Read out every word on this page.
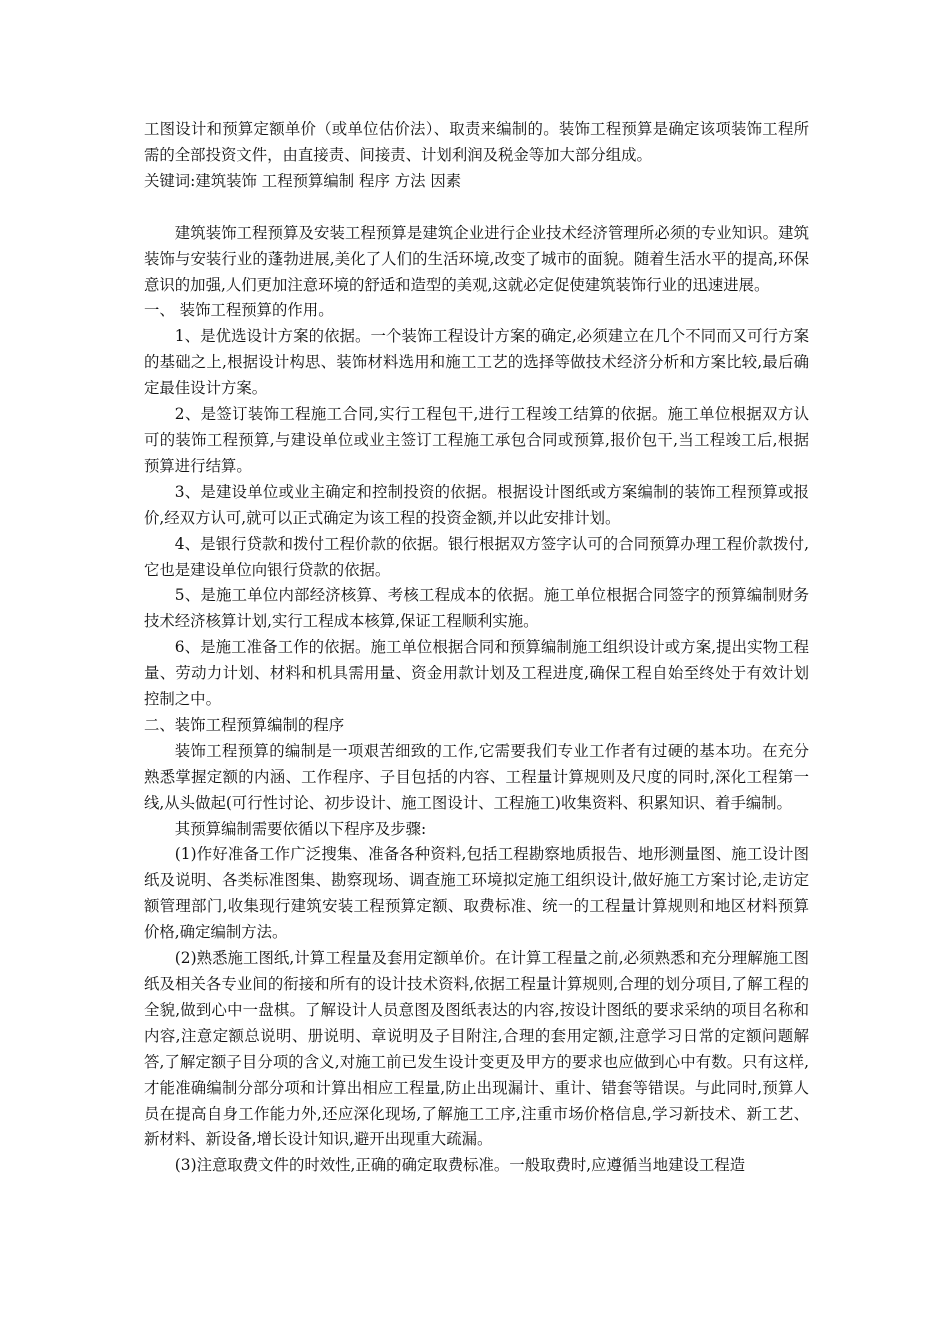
工图设计和预算定额单价（或单位估价法）、取责来编制的。装饰工程预算是确定该项装饰工程所需的全部投资文件，由直接责、间接责、计划利润及税金等加大部分组成。

关键词:建筑装饰 工程预算编制 程序 方法 因素

建筑装饰工程预算及安装工程预算是建筑企业进行企业技术经济管理所必须的专业知识。建筑装饰与安装行业的蓬勃进展,美化了人们的生活环境,改变了城市的面貌。随着生活水平的提高,环保意识的加强,人们更加注意环境的舒适和造型的美观,这就必定促使建筑装饰行业的迅速进展。

一、 装饰工程预算的作用。

1、是优选设计方案的依据。一个装饰工程设计方案的确定,必须建立在几个不同而又可行方案的基础之上,根据设计构思、装饰材料选用和施工工艺的选择等做技术经济分析和方案比较,最后确定最佳设计方案。

2、是签订装饰工程施工合同,实行工程包干,进行工程竣工结算的依据。施工单位根据双方认可的装饰工程预算,与建设单位或业主签订工程施工承包合同或预算,报价包干,当工程竣工后,根据预算进行结算。

3、是建设单位或业主确定和控制投资的依据。根据设计图纸或方案编制的装饰工程预算或报价,经双方认可,就可以正式确定为该工程的投资金额,并以此安排计划。

4、是银行贷款和拨付工程价款的依据。银行根据双方签字认可的合同预算办理工程价款拨付,它也是建设单位向银行贷款的依据。

5、是施工单位内部经济核算、考核工程成本的依据。施工单位根据合同签字的预算编制财务技术经济核算计划,实行工程成本核算,保证工程顺利实施。

6、是施工准备工作的依据。施工单位根据合同和预算编制施工组织设计或方案,提出实物工程量、劳动力计划、材料和机具需用量、资金用款计划及工程进度,确保工程自始至终处于有效计划控制之中。

二、装饰工程预算编制的程序

装饰工程预算的编制是一项艰苦细致的工作,它需要我们专业工作者有过硬的基本功。在充分熟悉掌握定额的内涵、工作程序、子目包括的内容、工程量计算规则及尺度的同时,深化工程第一线,从头做起(可行性讨论、初步设计、施工图设计、工程施工)收集资料、积累知识、着手编制。

其预算编制需要依循以下程序及步骤:

(1)作好准备工作广泛搜集、准备各种资料,包括工程勘察地质报告、地形测量图、施工设计图纸及说明、各类标准图集、勘察现场、调查施工环境拟定施工组织设计,做好施工方案讨论,走访定额管理部门,收集现行建筑安装工程预算定额、取费标准、统一的工程量计算规则和地区材料预算价格,确定编制方法。

(2)熟悉施工图纸,计算工程量及套用定额单价。在计算工程量之前,必须熟悉和充分理解施工图纸及相关各专业间的衔接和所有的设计技术资料,依据工程量计算规则,合理的划分项目,了解工程的全貌,做到心中一盘棋。了解设计人员意图及图纸表达的内容,按设计图纸的要求采纳的项目名称和内容,注意定额总说明、册说明、章说明及子目附注,合理的套用定额,注意学习日常的定额问题解答,了解定额子目分项的含义,对施工前已发生设计变更及甲方的要求也应做到心中有数。只有这样,才能准确编制分部分项和计算出相应工程量,防止出现漏计、重计、错套等错误。与此同时,预算人员在提高自身工作能力外,还应深化现场,了解施工工序,注重市场价格信息,学习新技术、新工艺、新材料、新设备,增长设计知识,避开出现重大疏漏。

(3)注意取费文件的时效性,正确的确定取费标准。一般取费时,应遵循当地建设工程造
